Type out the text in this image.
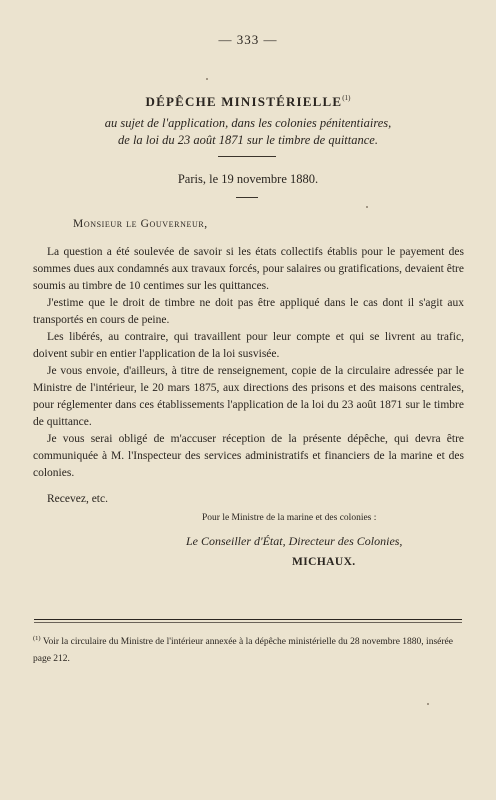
— 333 —
DÉPÊCHE MINISTÉRIELLE$^{(1)}$
au sujet de l'application, dans les colonies pénitentiaires,
de la loi du 23 août 1871 sur le timbre de quittance.
Paris, le 19 novembre 1880.
Monsieur le Gouverneur,

La question a été soulevée de savoir si les états collectifs établis pour le payement des sommes dues aux condamnés aux travaux forcés, pour salaires ou gratifications, devaient être soumis au timbre de 10 centimes sur les quittances.

J'estime que le droit de timbre ne doit pas être appliqué dans le cas dont il s'agit aux transportés en cours de peine.

Les libérés, au contraire, qui travaillent pour leur compte et qui se livrent au trafic, doivent subir en entier l'application de la loi susvisée.

Je vous envoie, d'ailleurs, à titre de renseignement, copie de la circulaire adressée par le Ministre de l'intérieur, le 20 mars 1875, aux directions des prisons et des maisons centrales, pour réglementer dans ces établissements l'application de la loi du 23 août 1871 sur le timbre de quittance.

Je vous serai obligé de m'accuser réception de la présente dépêche, qui devra être communiquée à M. l'Inspecteur des services administratifs et financiers de la marine et des colonies.

Recevez, etc.
Pour le Ministre de la marine et des colonies :
Le Conseiller d'État, Directeur des Colonies,
MICHAUX.
$^{(1)}$ Voir la circulaire du Ministre de l'intérieur annexée à la dépêche ministérielle du 28 novembre 1880, insérée page 212.
